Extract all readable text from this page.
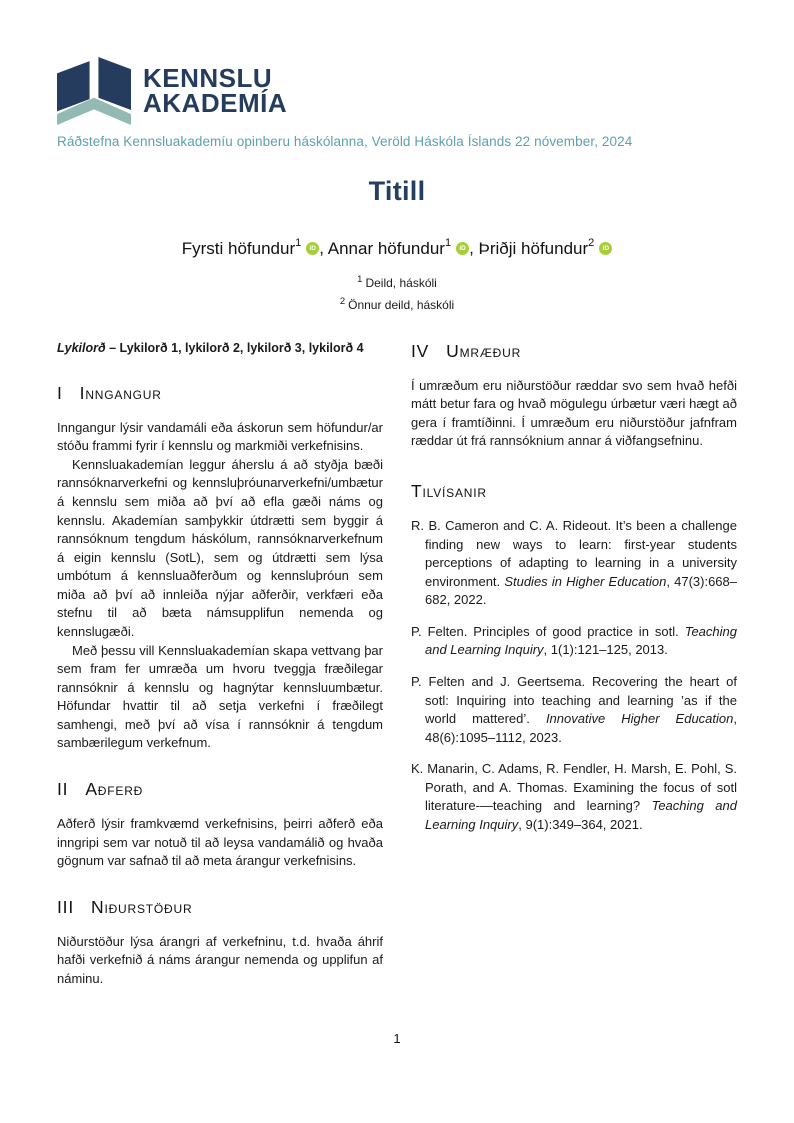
KENNSLU
AKADEMÍA
Ráðstefna Kennsluakademíu opinberu háskólanna, Veröld Háskóla Íslands 22 nóvember, 2024
Titill
Fyrsti höfundur$^1$ iD , Annar höfundur$^1$ iD , Þriðji höfundur$^2$ iD
$^1$ Deild, háskóli
$^2$ Önnur deild, háskóli
Lykilorð – Lykilorð 1, lykilorð 2, lykilorð 3, lykilorð 4
I Inngangur

Inngangur lýsir vandamáli eða áskorun sem höfundur/ar stóðu frammi fyrir í kennslu og markmiði verkefnisins.

Kennsluakademían leggur áherslu á að styðja bæði rannsóknarverkefni og kennsluþróunarverkefni/umbætur á kennslu sem miða að því að efla gæði náms og kennslu. Akademían samþykkir útdrætti sem byggir á rannsóknum tengdum háskólum, rannsóknarverkefnum á eigin kennslu (SotL), sem og útdrætti sem lýsa umbótum á kennsluaðferðum og kennsluþróun sem miða að því að innleiða nýjar aðferðir, verkfæri eða stefnu til að bæta námsupplifun nemenda og kennslugæði.

Með þessu vill Kennsluakademían skapa vettvang þar sem fram fer umræða um hvoru tveggja fræðilegar rannsóknir á kennslu og hagnýtar kennsluumbætur. Höfundar hvattir til að setja verkefni í fræðilegt samhengi, með því að vísa í rannsóknir á tengdum sambærilegum verkefnum.

II Aðferð

Aðferð lýsir framkvæmd verkefnisins, þeirri aðferð eða inngripi sem var notuð til að leysa vandamálið og hvaða gögnum var safnað til að meta árangur verkefnisins.

III Niðurstöður

Niðurstöður lýsa árangri af verkefninu, t.d. hvaða áhrif hafði verkefnið á náms árangur nemenda og upplifun af náminu.

IV Umræður

Í umræðum eru niðurstöður ræddar svo sem hvað hefði mátt betur fara og hvað mögulegu úrbætur væri hægt að gera í framtíðinni. Í umræðum eru niðurstöður jafnfram ræddar út frá rannsóknium annar á viðfangsefninu.

Tilvísanir

R. B. Cameron and C. A. Rideout. It’s been a challenge finding new ways to learn: first-year students perceptions of adapting to learning in a university environment. Studies in Higher Education, 47(3):668–682, 2022.

P. Felten. Principles of good practice in sotl. Teaching and Learning Inquiry, 1(1):121–125, 2013.

P. Felten and J. Geertsema. Recovering the heart of sotl: Inquiring into teaching and learning ’as if the world mattered’. Innovative Higher Education, 48(6):1095–1112, 2023.

K. Manarin, C. Adams, R. Fendler, H. Marsh, E. Pohl, S. Porath, and A. Thomas. Examining the focus of sotl literature-—teaching and learning? Teaching and Learning Inquiry, 9(1):349–364, 2021.

1
